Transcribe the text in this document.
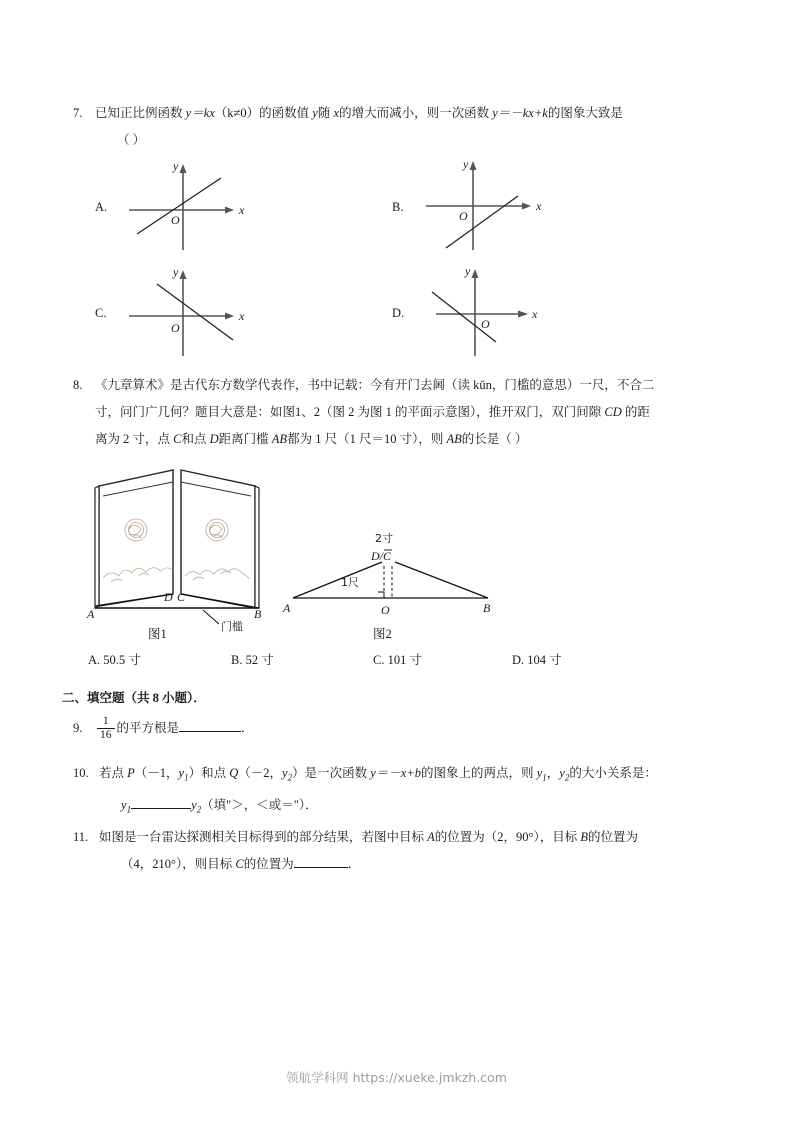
7. 已知正比例函数 y＝kx（k≠0）的函数值 y随 x的增大而减小，则一次函数 y＝－kx+k的图象大致是
（ ）
A.	x
y
O
B.	x
y
O
C.	x
y
O
D.	x
y
O
8. 《九章算术》是古代东方数学代表作，书中记载：今有开门去阃（读 kǔn，门槛的意思）一尺，不合二
寸，问门广几何？题目大意是：如图1、2（图 2 为图 1 的平面示意图），推开双门，双门间隙 CD 的距
离为 2 寸，点 C和点 D距离门槛 AB都为 1 尺（1 尺＝10 寸），则 AB的长是（ ）
A	B
D C
门槛
图1
2寸
D/C
1尺
A	O	B
图2
A. 50.5 寸	B. 52 寸	C. 101 寸	D. 104 寸
二、填空题（共 8 小题）．
9. $\frac{1}{16}$ 的平方根是	．
10. 若点 P（－1，$y_1$）和点 Q（－2，$y_2$）是一次函数 y＝－x+b的图象上的两点，则 $y_1$，$y_2$的大小关系是：
$y_1$	$y_2$（填"＞，＜或＝"）．
11. 如图是一台雷达探测相关目标得到的部分结果，若图中目标 A的位置为（2，90°），目标 B的位置为
（4，210°），则目标 C的位置为	．
领航学科网 https://xueke.jmkzh.com
